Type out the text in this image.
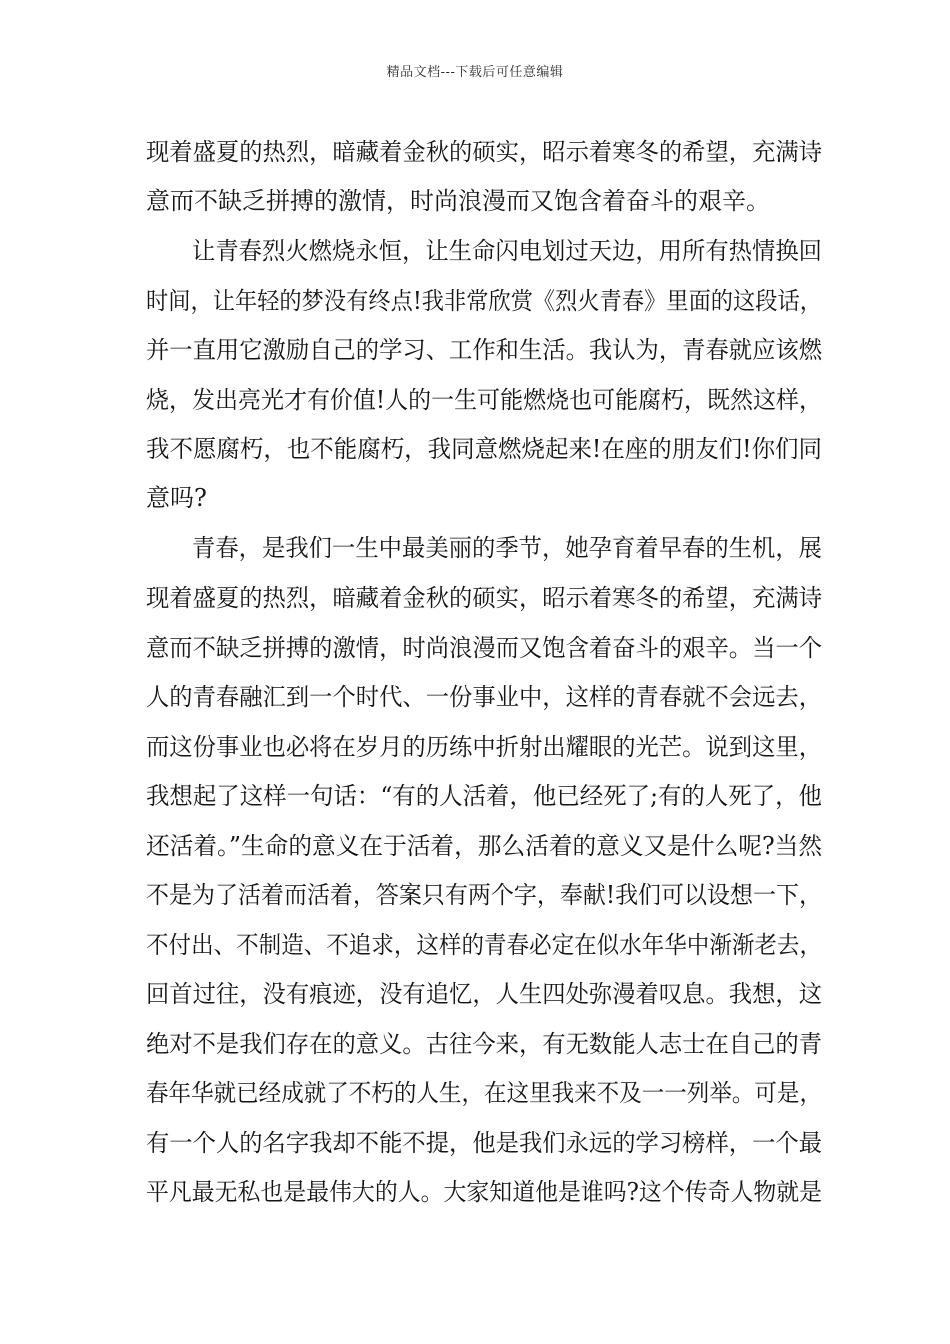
精品文档---下载后可任意编辑
现着盛夏的热烈，暗藏着金秋的硕实，昭示着寒冬的希望，充满诗
意而不缺乏拼搏的激情，时尚浪漫而又饱含着奋斗的艰辛。
让青春烈火燃烧永恒，让生命闪电划过天边，用所有热情换回
时间，让年轻的梦没有终点!我非常欣赏《烈火青春》里面的这段话，
并一直用它激励自己的学习、工作和生活。我认为，青春就应该燃
烧，发出亮光才有价值!人的一生可能燃烧也可能腐朽，既然这样，
我不愿腐朽，也不能腐朽，我同意燃烧起来!在座的朋友们!你们同
意吗?
青春，是我们一生中最美丽的季节，她孕育着早春的生机，展
现着盛夏的热烈，暗藏着金秋的硕实，昭示着寒冬的希望，充满诗
意而不缺乏拼搏的激情，时尚浪漫而又饱含着奋斗的艰辛。当一个
人的青春融汇到一个时代、一份事业中，这样的青春就不会远去，
而这份事业也必将在岁月的历练中折射出耀眼的光芒。说到这里，
我想起了这样一句话：“有的人活着，他已经死了;有的人死了，他
还活着。”生命的意义在于活着，那么活着的意义又是什么呢?当然
不是为了活着而活着，答案只有两个字，奉献!我们可以设想一下，
不付出、不制造、不追求，这样的青春必定在似水年华中渐渐老去，
回首过往，没有痕迹，没有追忆，人生四处弥漫着叹息。我想，这
绝对不是我们存在的意义。古往今来，有无数能人志士在自己的青
春年华就已经成就了不朽的人生，在这里我来不及一一列举。可是，
有一个人的名字我却不能不提，他是我们永远的学习榜样，一个最
平凡最无私也是最伟大的人。大家知道他是谁吗?这个传奇人物就是
